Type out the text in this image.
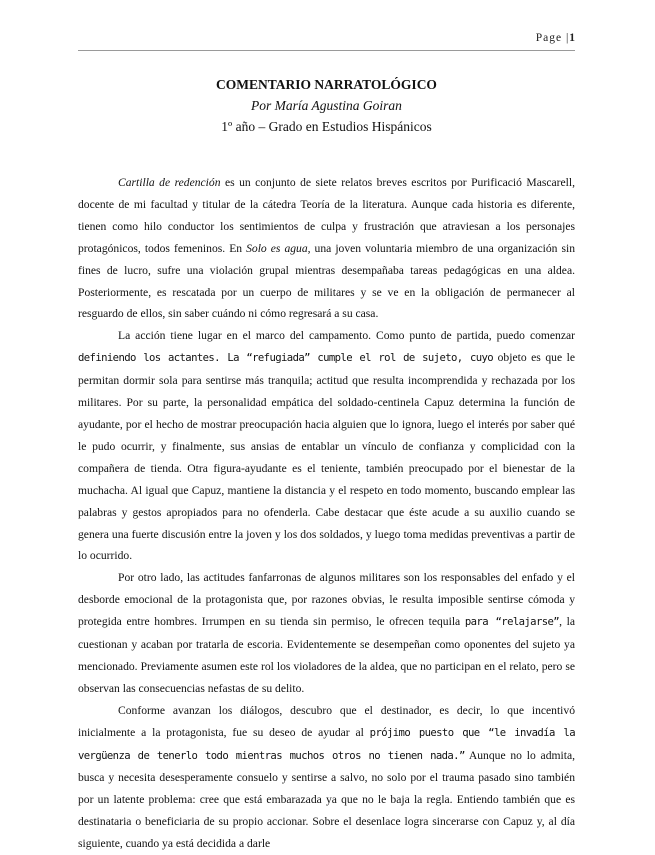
Page |1
COMENTARIO NARRATOLÓGICO
Por María Agustina Goiran
1º año – Grado en Estudios Hispánicos

Cartilla de redención es un conjunto de siete relatos breves escritos por Purificació Mascarell, docente de mi facultad y titular de la cátedra Teoría de la literatura. Aunque cada historia es diferente, tienen como hilo conductor los sentimientos de culpa y frustración que atraviesan a los personajes protagónicos, todos femeninos. En Solo es agua, una joven voluntaria miembro de una organización sin fines de lucro, sufre una violación grupal mientras desempañaba tareas pedagógicas en una aldea. Posteriormente, es rescatada por un cuerpo de militares y se ve en la obligación de permanecer al resguardo de ellos, sin saber cuándo ni cómo regresará a su casa.

La acción tiene lugar en el marco del campamento. Como punto de partida, puedo comenzar definiendo los actantes. La “refugiada” cumple el rol de sujeto, cuyo objeto es que le permitan dormir sola para sentirse más tranquila; actitud que resulta incomprendida y rechazada por los militares. Por su parte, la personalidad empática del soldado-centinela Capuz determina la función de ayudante, por el hecho de mostrar preocupación hacia alguien que lo ignora, luego el interés por saber qué le pudo ocurrir, y finalmente, sus ansias de entablar un vínculo de confianza y complicidad con la compañera de tienda. Otra figura-ayudante es el teniente, también preocupado por el bienestar de la muchacha. Al igual que Capuz, mantiene la distancia y el respeto en todo momento, buscando emplear las palabras y gestos apropiados para no ofenderla. Cabe destacar que éste acude a su auxilio cuando se genera una fuerte discusión entre la joven y los dos soldados, y luego toma medidas preventivas a partir de lo ocurrido.

Por otro lado, las actitudes fanfarronas de algunos militares son los responsables del enfado y el desborde emocional de la protagonista que, por razones obvias, le resulta imposible sentirse cómoda y protegida entre hombres. Irrumpen en su tienda sin permiso, le ofrecen tequila para “relajarse”, la cuestionan y acaban por tratarla de escoria. Evidentemente se desempeñan como oponentes del sujeto ya mencionado. Previamente asumen este rol los violadores de la aldea, que no participan en el relato, pero se observan las consecuencias nefastas de su delito.

Conforme avanzan los diálogos, descubro que el destinador, es decir, lo que incentivó inicialmente a la protagonista, fue su deseo de ayudar al prójimo puesto que “le invadía la vergüenza de tenerlo todo mientras muchos otros no tienen nada.” Aunque no lo admita, busca y necesita desesperamente consuelo y sentirse a salvo, no solo por el trauma pasado sino también por un latente problema: cree que está embarazada ya que no le baja la regla. Entiendo también que es destinataria o beneficiaria de su propio accionar. Sobre el desenlace logra sincerarse con Capuz y, al día siguiente, cuando ya está decidida a darle
